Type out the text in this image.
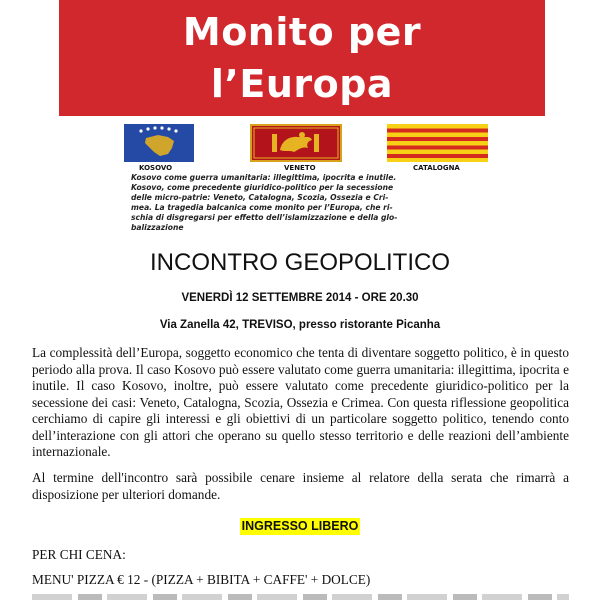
Monito per
l’Europa
KOSOVO	VENETO	CATALOGNA
Kosovo come guerra umanitaria: illegittima, ipocrita e inutile.
Kosovo, come precedente giuridico-politico per la secessione
delle micro-patrie: Veneto, Catalogna, Scozia, Ossezia e Cri-
mea. La tragedia balcanica come monito per l’Europa, che ri-
schia di disgregarsi per effetto dell’islamizzazione e della glo-
balizzazione
INCONTRO GEOPOLITICO
VENERDÌ 12 SETTEMBRE 2014 - ORE 20.30
Via Zanella 42, TREVISO, presso ristorante Picanha
La complessità dell’Europa, soggetto economico che tenta di diventare soggetto politico, è in questo periodo alla prova. Il caso Kosovo può essere valutato come guerra umanitaria: illegittima, ipocrita e inutile. Il caso Kosovo, inoltre, può essere valutato come precedente giuridico-politico per la secessione dei casi: Veneto, Catalogna, Scozia, Ossezia e Crimea. Con questa riflessione geopolitica cerchiamo di capire gli interessi e gli obiettivi di un particolare soggetto politico, tenendo conto dell’interazione con gli attori che operano su quello stesso territorio e delle reazioni dell’ambiente internazionale.
Al termine dell'incontro sarà possibile cenare insieme al relatore della serata che rimarrà a disposizione per ulteriori domande.
INGRESSO LIBERO
PER CHI CENA:
MENU' PIZZA € 12 - (PIZZA + BIBITA + CAFFE' + DOLCE)
